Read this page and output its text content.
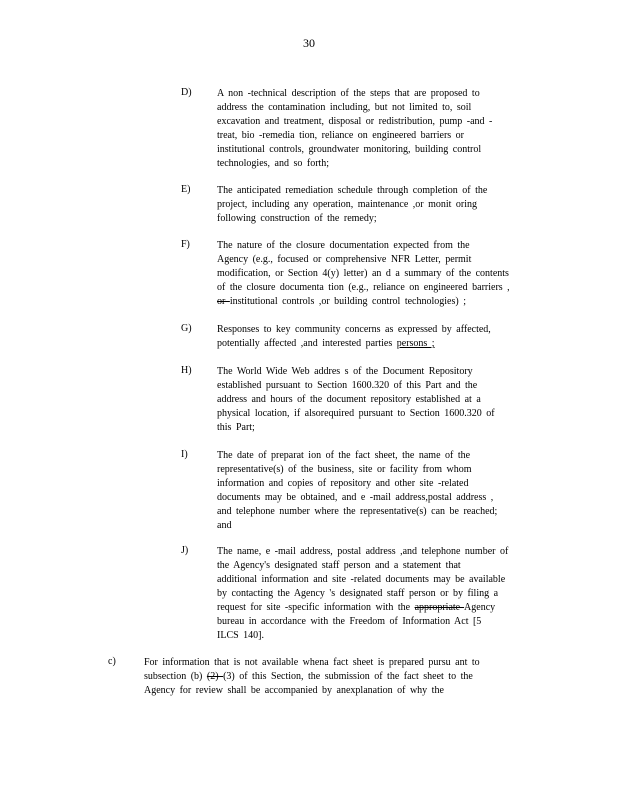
30
D)	A non -technical description of the steps that are proposed to

address the contamination including, but not limited to, soil

excavation and treatment, disposal or redistribution, pump -and -

treat, bio -remedia tion, reliance on engineered barriers or

institutional controls, groundwater monitoring, building control

technologies, and so forth;

E)	The anticipated remediation schedule through completion of the

project, including any operation, maintenance ,or monit oring

following construction of the remedy;

F)	The nature of the closure documentation expected from the

Agency (e.g., focused or comprehensive NFR Letter, permit

modification, or Section 4(y) letter) an d a summary of the contents

of the closure documenta tion (e.g., reliance on engineered barriers ,

or institutional controls ,or building control technologies) ;

G)	Responses to key community concerns as expressed by affected,

potentially affected ,and interested parties persons ;

H)	The World Wide Web addres s of the Document Repository

established pursuant to Section 1600.320 of this Part and the

address and hours of the document repository established at a

physical location, if alsorequired pursuant to Section 1600.320 of

this Part;

I)	The date of preparat ion of the fact sheet, the name of the

representative(s) of the business, site or facility from whom

information and copies of repository and other site -related

documents may be obtained, and e -mail address,postal address ,

and telephone number where the representative(s) can be reached;

and

J)	The name, e -mail address, postal address ,and telephone number of

the Agency's designated staff person and a statement that

additional information and site -related documents may be available

by contacting the Agency 's designated staff person or by filing a

request for site -specific information with the appropriate Agency

bureau in accordance with the Freedom of Information Act [5

ILCS 140].

c)	For information that is not available whena fact sheet is prepared pursu ant to

subsection (b) (2) (3) of this Section, the submission of the fact sheet to the

Agency for review shall be accompanied by anexplanation of why the
